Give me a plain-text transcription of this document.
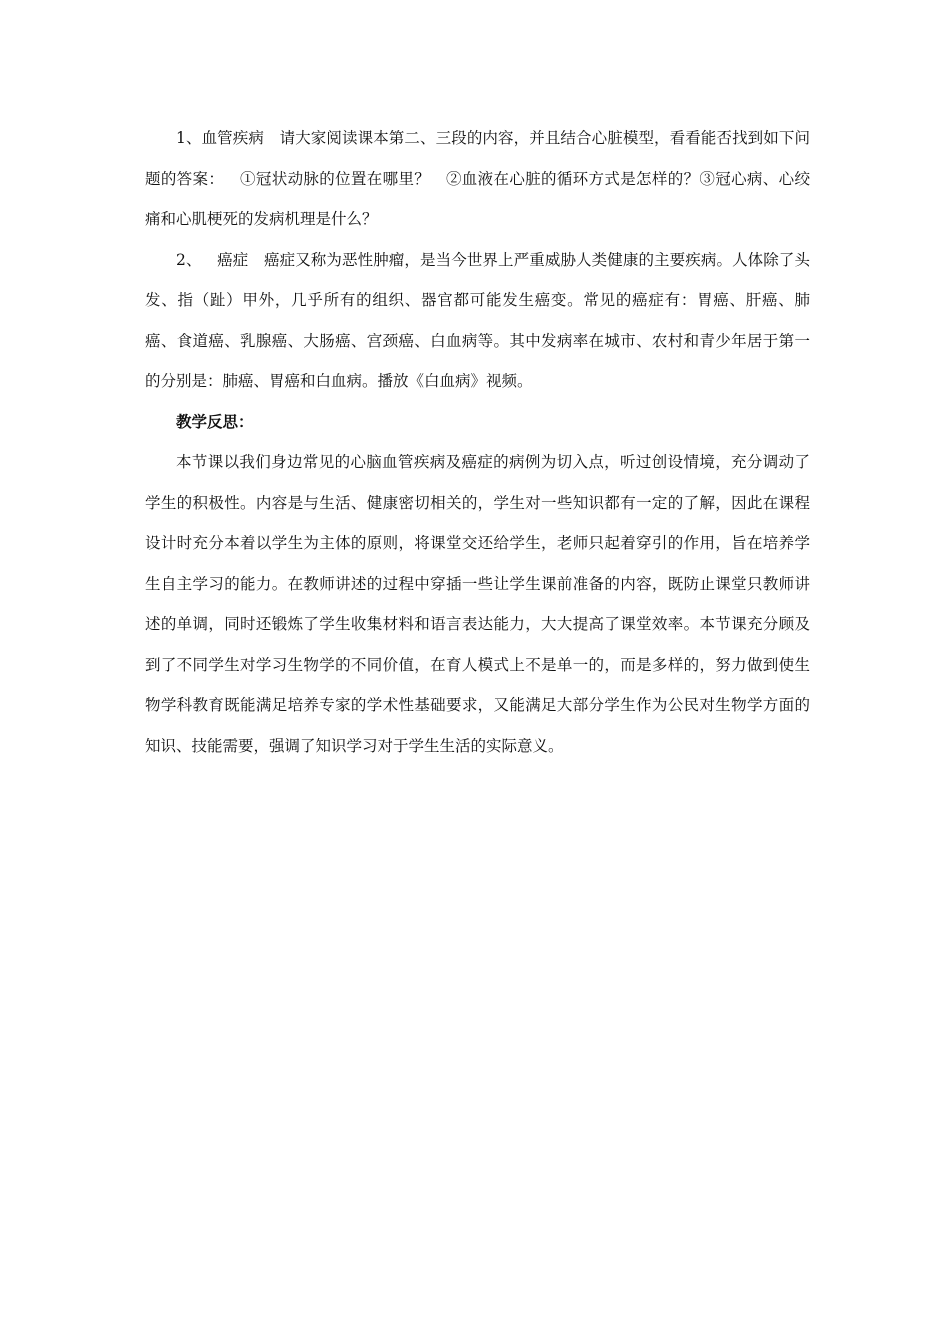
1、血管疾病 请大家阅读课本第二、三段的内容，并且结合心脏模型，看看能否找到如下问题的答案： ①冠状动脉的位置在哪里？ ②血液在心脏的循环方式是怎样的？③冠心病、心绞痛和心肌梗死的发病机理是什么？

2、 癌症 癌症又称为恶性肿瘤，是当今世界上严重威胁人类健康的主要疾病。人体除了头发、指（趾）甲外，几乎所有的组织、器官都可能发生癌变。常见的癌症有：胃癌、肝癌、肺癌、食道癌、乳腺癌、大肠癌、宫颈癌、白血病等。其中发病率在城市、农村和青少年居于第一的分别是：肺癌、胃癌和白血病。播放《白血病》视频。

教学反思：

本节课以我们身边常见的心脑血管疾病及癌症的病例为切入点，听过创设情境，充分调动了学生的积极性。内容是与生活、健康密切相关的，学生对一些知识都有一定的了解，因此在课程设计时充分本着以学生为主体的原则，将课堂交还给学生，老师只起着穿引的作用，旨在培养学生自主学习的能力。在教师讲述的过程中穿插一些让学生课前准备的内容，既防止课堂只教师讲述的单调，同时还锻炼了学生收集材料和语言表达能力，大大提高了课堂效率。本节课充分顾及到了不同学生对学习生物学的不同价值，在育人模式上不是单一的，而是多样的，努力做到使生物学科教育既能满足培养专家的学术性基础要求，又能满足大部分学生作为公民对生物学方面的知识、技能需要，强调了知识学习对于学生生活的实际意义。
